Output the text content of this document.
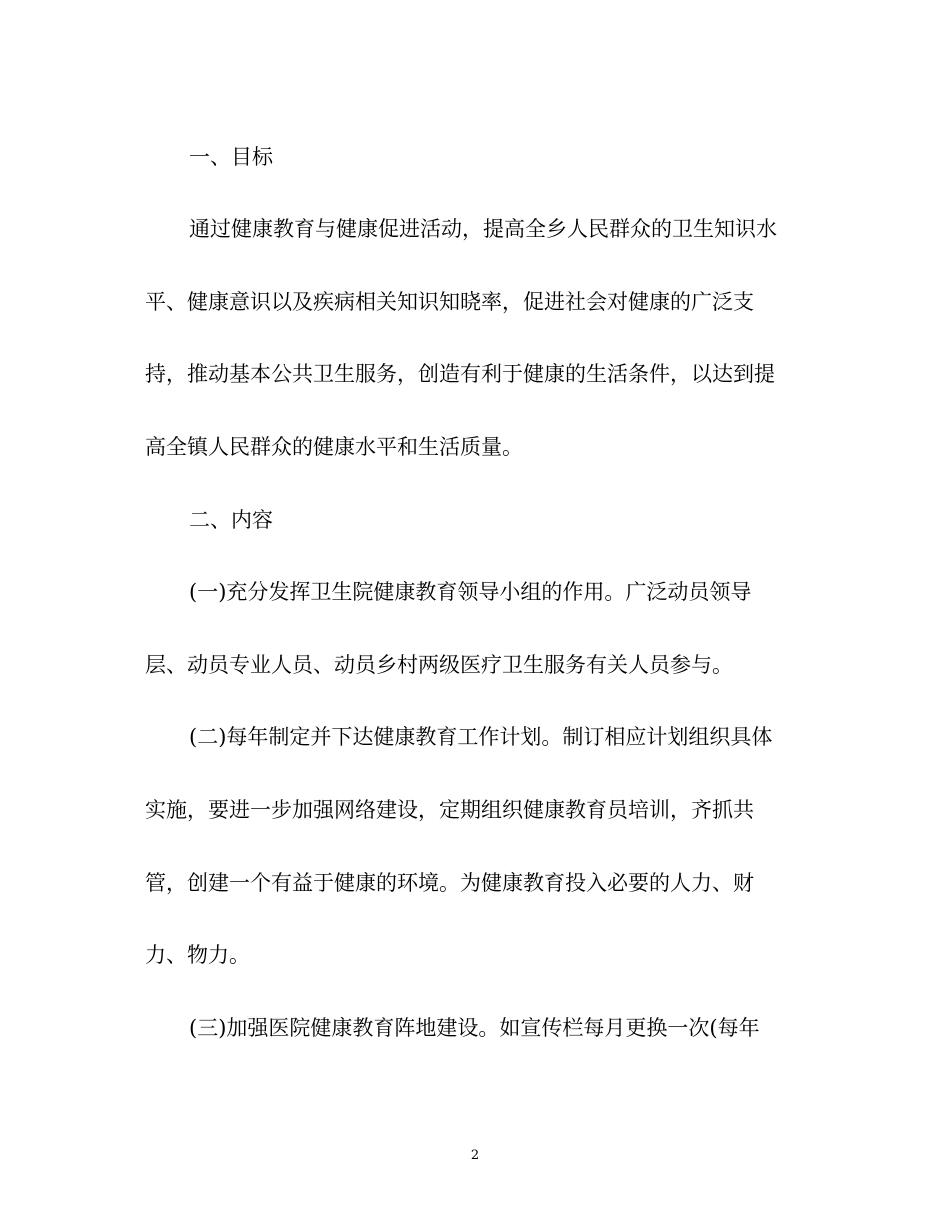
一、目标
通过健康教育与健康促进活动，提高全乡人民群众的卫生知识水
平、健康意识以及疾病相关知识知晓率，促进社会对健康的广泛支
持，推动基本公共卫生服务，创造有利于健康的生活条件，以达到提
高全镇人民群众的健康水平和生活质量。
二、内容
(一)充分发挥卫生院健康教育领导小组的作用。广泛动员领导
层、动员专业人员、动员乡村两级医疗卫生服务有关人员参与。
(二)每年制定并下达健康教育工作计划。制订相应计划组织具体
实施，要进一步加强网络建设，定期组织健康教育员培训，齐抓共
管，创建一个有益于健康的环境。为健康教育投入必要的人力、财
力、物力。
(三)加强医院健康教育阵地建设。如宣传栏每月更换一次(每年
2
